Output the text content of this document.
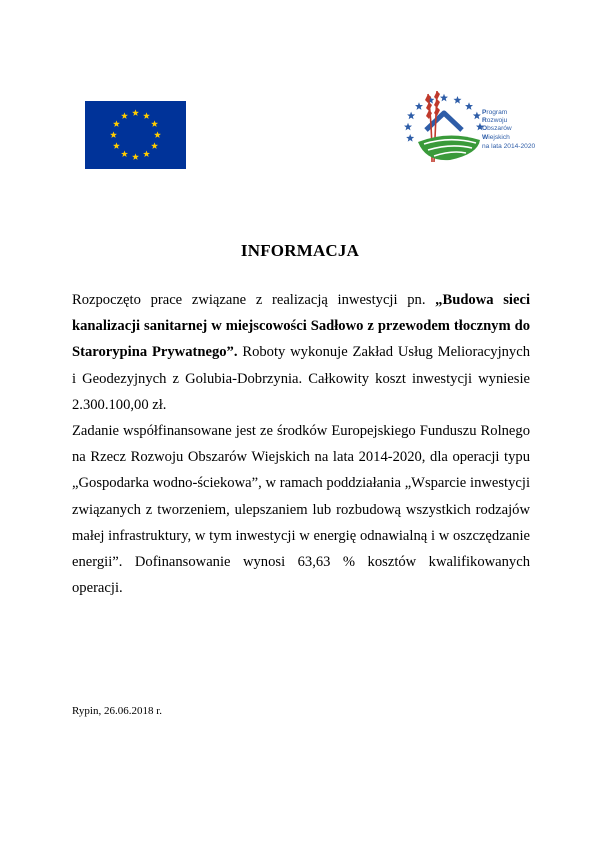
Program
Rozwoju
Obszarów
Wiejskich
na lata 2014-2020
INFORMACJA

Rozpoczęto prace związane z realizacją inwestycji pn. „Budowa sieci kanalizacji sanitarnej w miejscowości Sadłowo z przewodem tłocznym do Starorypina Prywatnego”. Roboty wykonuje Zakład Usług Melioracyjnych i Geodezyjnych z Golubia-Dobrzynia. Całkowity koszt inwestycji wyniesie 2.300.100,00 zł.

Zadanie współfinansowane jest ze środków Europejskiego Funduszu Rolnego na Rzecz Rozwoju Obszarów Wiejskich na lata 2014-2020, dla operacji typu „Gospodarka wodno-ściekowa”, w ramach poddziałania „Wsparcie inwestycji związanych z tworzeniem, ulepszaniem lub rozbudową wszystkich rodzajów małej infrastruktury, w tym inwestycji w energię odnawialną i w oszczędzanie energii”. Dofinansowanie wynosi 63,63 % kosztów kwalifikowanych operacji.

Rypin, 26.06.2018 r.
